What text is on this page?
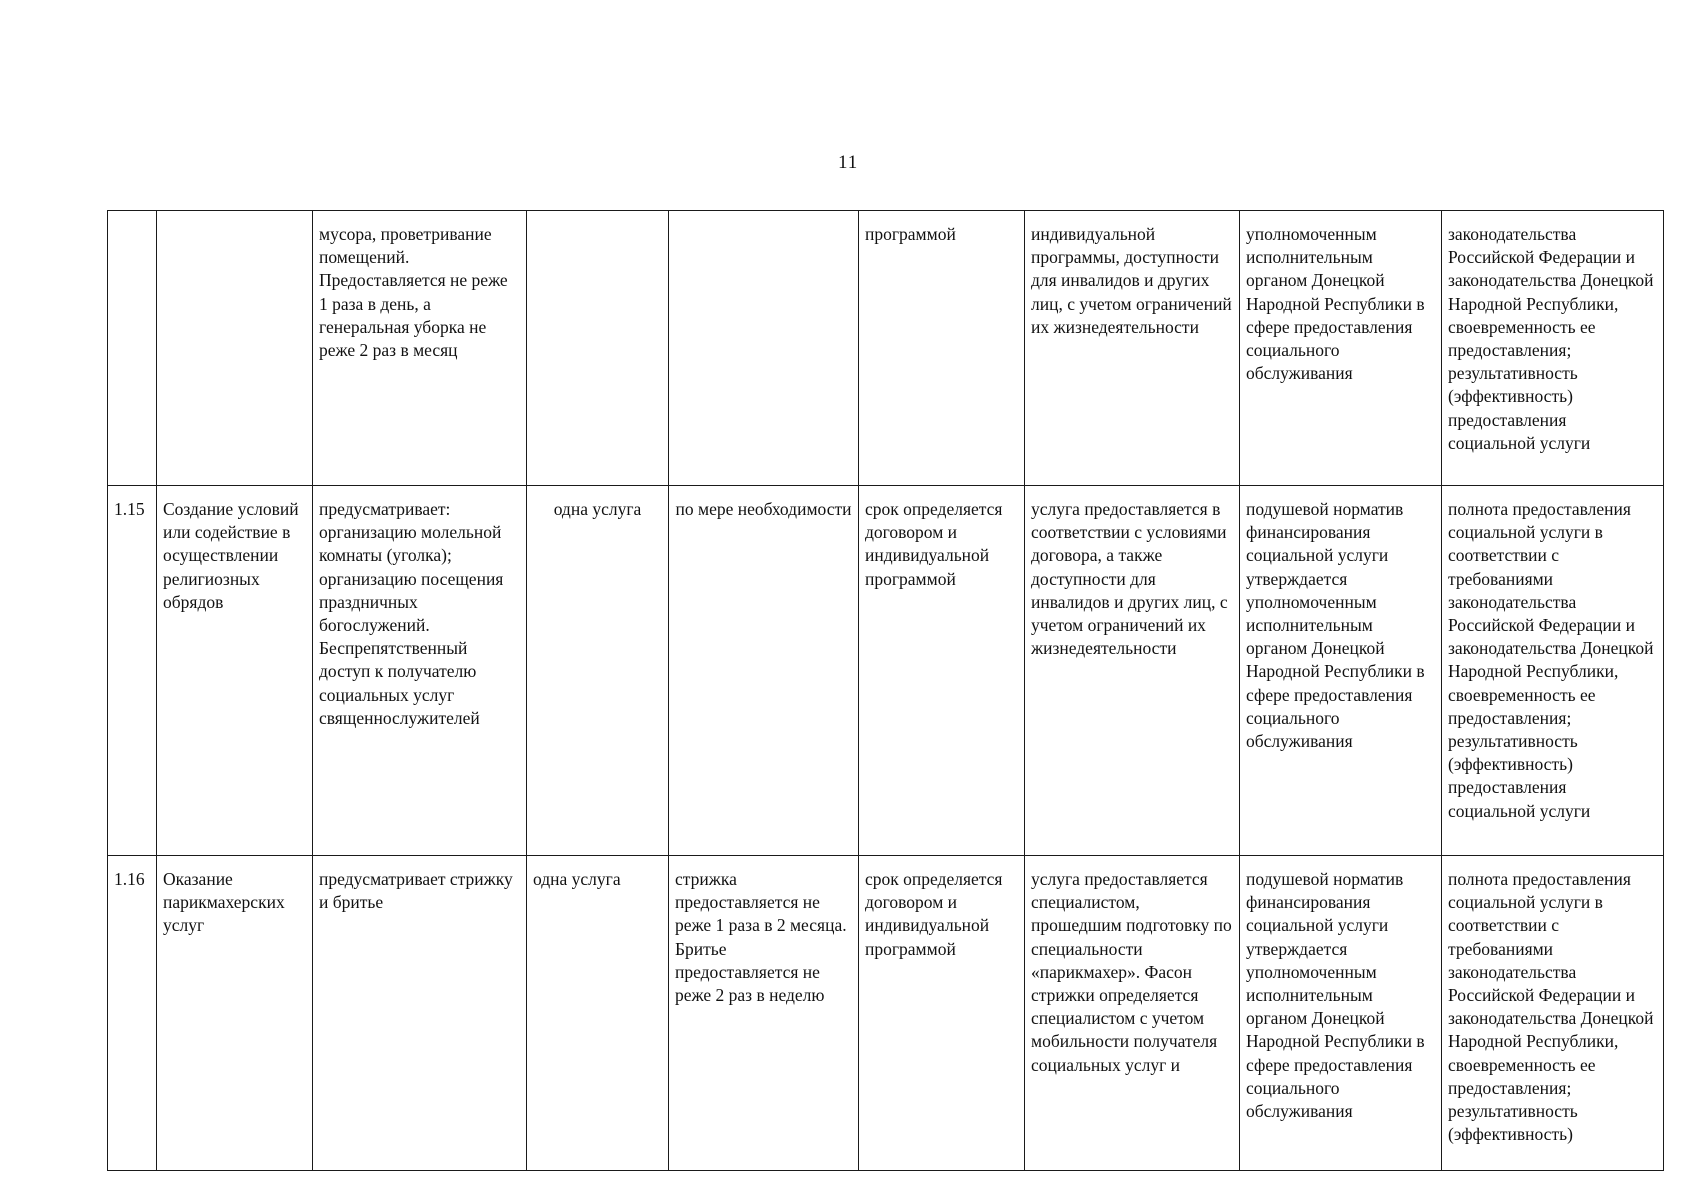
11
		мусора, проветривание помещений. Предоставляется не реже 1 раза в день, а генеральная уборка не реже 2 раз в месяц			программой	индивидуальной программы, доступности для инвалидов и других лиц, с учетом ограничений их жизнедеятельности	уполномоченным исполнительным органом Донецкой Народной Республики в сфере предоставления социального обслуживания	законодательства Российской Федерации и законодательства Донецкой Народной Республики, своевременность ее предоставления; результативность (эффективность) предоставления социальной услуги
1.15	Создание условий или содействие в осуществлении религиозных обрядов	предусматривает: организацию молельной комнаты (уголка); организацию посещения праздничных богослужений. Беспрепятственный доступ к получателю социальных услуг священнослужителей	одна услуга	по мере необходимости	срок определяется договором и индивидуальной программой	услуга предоставляется в соответствии с условиями договора, а также доступности для инвалидов и других лиц, с учетом ограничений их жизнедеятельности	подушевой норматив финансирования социальной услуги утверждается уполномоченным исполнительным органом Донецкой Народной Республики в сфере предоставления социального обслуживания	полнота предоставления социальной услуги в соответствии с требованиями законодательства Российской Федерации и законодательства Донецкой Народной Республики, своевременность ее предоставления; результативность (эффективность) предоставления социальной услуги
1.16	Оказание парикмахерских услуг	предусматривает стрижку и бритье	одна услуга	стрижка предоставляется не реже 1 раза в 2 месяца. Бритье предоставляется не реже 2 раз в неделю	срок определяется договором и индивидуальной программой	услуга предоставляется специалистом, прошедшим подготовку по специальности «парикмахер». Фасон стрижки определяется специалистом с учетом мобильности получателя социальных услуг и	подушевой норматив финансирования социальной услуги утверждается уполномоченным исполнительным органом Донецкой Народной Республики в сфере предоставления социального обслуживания	полнота предоставления социальной услуги в соответствии с требованиями законодательства Российской Федерации и законодательства Донецкой Народной Республики, своевременность ее предоставления; результативность (эффективность)
